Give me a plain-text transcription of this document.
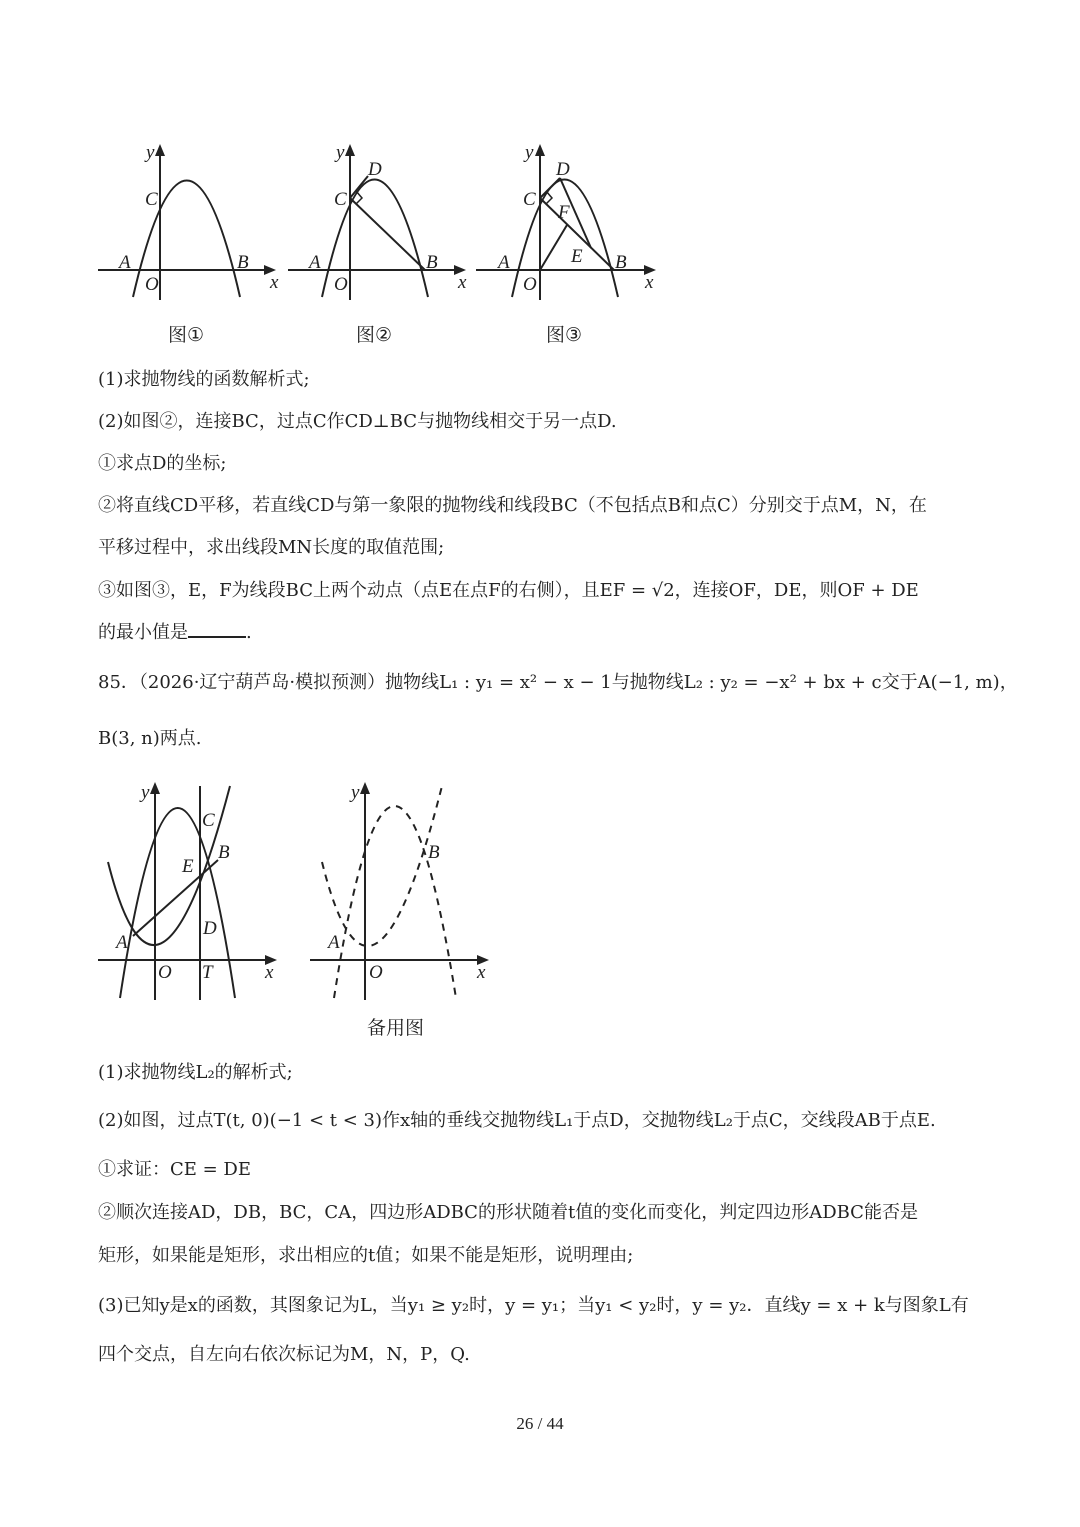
y
x
C
A
O
B
图①
y
x
C
D
A
O
B
图②
y
x
C
D
F
E
A
O
B
图③
(1)求抛物线的函数解析式;
(2)如图②，连接BC，过点C作CD⊥BC与抛物线相交于另一点D.
①求点D的坐标;
②将直线CD平移，若直线CD与第一象限的抛物线和线段BC（不包括点B和点C）分别交于点M，N，在
平移过程中，求出线段MN长度的取值范围;
③如图③，E，F为线段BC上两个动点（点E在点F的右侧），且EF = √2，连接OF，DE，则OF + DE
的最小值是	.
85．（2026·辽宁葫芦岛·模拟预测）抛物线L₁ : y₁ = x² − x − 1与抛物线L₂ : y₂ = −x² + bx + c交于A(−1, m)，
B(3, n)两点.
y
x
C
B
E
D
A
O T
y
x
B
A
O
备用图
(1)求抛物线L₂的解析式;
(2)如图，过点T(t, 0)(−1 < t < 3)作x轴的垂线交抛物线L₁于点D，交抛物线L₂于点C，交线段AB于点E.
①求证：CE = DE
②顺次连接AD，DB，BC，CA，四边形ADBC的形状随着t值的变化而变化，判定四边形ADBC能否是
矩形，如果能是矩形，求出相应的t值；如果不能是矩形，说明理由;
(3)已知y是x的函数，其图象记为L，当y₁ ≥ y₂时，y = y₁；当y₁ < y₂时，y = y₂．直线y = x + k与图象L有
四个交点，自左向右依次标记为M，N，P，Q.
26 / 44
